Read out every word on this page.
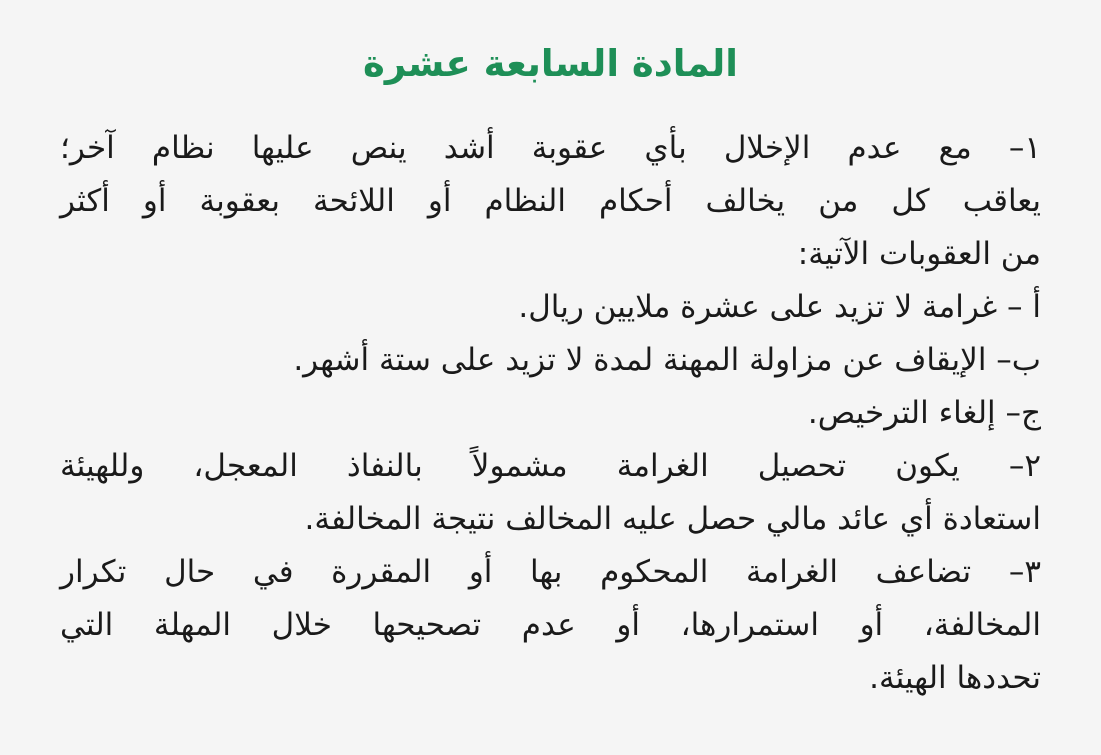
المادة السابعة عشرة
١– مع عدم الإخلال بأي عقوبة أشد ينص عليها نظام آخر؛
يعاقب كل من يخالف أحكام النظام أو اللائحة بعقوبة أو أكثر
من العقوبات الآتية:
أ – غرامة لا تزيد على عشرة ملايين ريال.
ب– الإيقاف عن مزاولة المهنة لمدة لا تزيد على ستة أشهر.
ج– إلغاء الترخيص.
٢– يكون تحصيل الغرامة مشمولاً بالنفاذ المعجل، وللهيئة
استعادة أي عائد مالي حصل عليه المخالف نتيجة المخالفة.
٣– تضاعف الغرامة المحكوم بها أو المقررة في حال تكرار
المخالفة، أو استمرارها، أو عدم تصحيحها خلال المهلة التي
تحددها الهيئة.
